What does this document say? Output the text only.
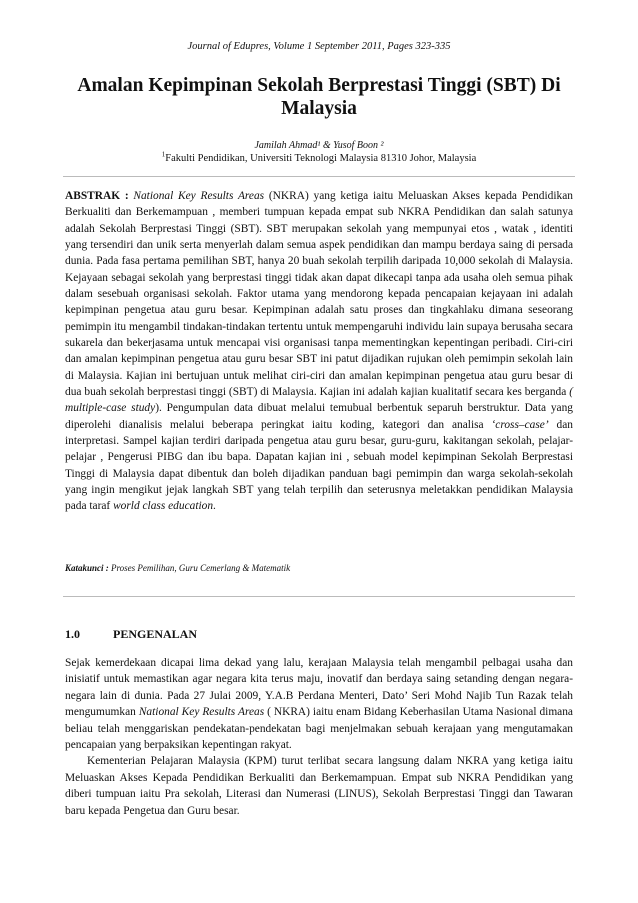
Journal of Edupres, Volume 1 September 2011, Pages 323-335
Amalan Kepimpinan Sekolah Berprestasi Tinggi (SBT) Di Malaysia
Jamilah Ahmad¹ & Yusof Boon ²
$^1$Fakulti Pendidikan, Universiti Teknologi Malaysia 81310 Johor, Malaysia
ABSTRAK : National Key Results Areas (NKRA) yang ketiga iaitu Meluaskan Akses kepada Pendidikan Berkualiti dan Berkemampuan , memberi tumpuan kepada empat sub NKRA Pendidikan dan salah satunya adalah Sekolah Berprestasi Tinggi (SBT). SBT merupakan sekolah yang mempunyai etos , watak , identiti yang tersendiri dan unik serta menyerlah dalam semua aspek pendidikan dan mampu berdaya saing di persada dunia. Pada fasa pertama pemilihan SBT, hanya 20 buah sekolah terpilih daripada 10,000 sekolah di Malaysia. Kejayaan sebagai sekolah yang berprestasi tinggi tidak akan dapat dikecapi tanpa ada usaha oleh semua pihak dalam sesebuah organisasi sekolah. Faktor utama yang mendorong kepada pencapaian kejayaan ini adalah kepimpinan pengetua atau guru besar. Kepimpinan adalah satu proses dan tingkahlaku dimana seseorang pemimpin itu mengambil tindakan-tindakan tertentu untuk mempengaruhi individu lain supaya berusaha secara sukarela dan bekerjasama untuk mencapai visi organisasi tanpa mementingkan kepentingan peribadi. Ciri-ciri dan amalan kepimpinan pengetua atau guru besar SBT ini patut dijadikan rujukan oleh pemimpin sekolah lain di Malaysia. Kajian ini bertujuan untuk melihat ciri-ciri dan amalan kepimpinan pengetua atau guru besar di dua buah sekolah berprestasi tinggi (SBT) di Malaysia. Kajian ini adalah kajian kualitatif secara kes berganda ( multiple-case study). Pengumpulan data dibuat melalui temubual berbentuk separuh berstruktur. Data yang diperolehi dianalisis melalui beberapa peringkat iaitu koding, kategori dan analisa ‘cross–case’ dan interpretasi. Sampel kajian terdiri daripada pengetua atau guru besar, guru-guru, kakitangan sekolah, pelajar-pelajar , Pengerusi PIBG dan ibu bapa. Dapatan kajian ini , sebuah model kepimpinan Sekolah Berprestasi Tinggi di Malaysia dapat dibentuk dan boleh dijadikan panduan bagi pemimpin dan warga sekolah-sekolah yang ingin mengikut jejak langkah SBT yang telah terpilih dan seterusnya meletakkan pendidikan Malaysia pada taraf world class education.
Katakunci : Proses Pemilihan, Guru Cemerlang & Matematik
1.0	PENGENALAN

Sejak kemerdekaan dicapai lima dekad yang lalu, kerajaan Malaysia telah mengambil pelbagai usaha dan inisiatif untuk memastikan agar negara kita terus maju, inovatif dan berdaya saing setanding dengan negara-negara lain di dunia. Pada 27 Julai 2009, Y.A.B Perdana Menteri, Dato’ Seri Mohd Najib Tun Razak telah mengumumkan National Key Results Areas ( NKRA) iaitu enam Bidang Keberhasilan Utama Nasional dimana beliau telah menggariskan pendekatan-pendekatan bagi menjelmakan sebuah kerajaan yang mengutamakan pencapaian yang berpaksikan kepentingan rakyat.

Kementerian Pelajaran Malaysia (KPM) turut terlibat secara langsung dalam NKRA yang ketiga iaitu Meluaskan Akses Kepada Pendidikan Berkualiti dan Berkemampuan. Empat sub NKRA Pendidikan yang diberi tumpuan iaitu Pra sekolah, Literasi dan Numerasi (LINUS), Sekolah Berprestasi Tinggi dan Tawaran baru kepada Pengetua dan Guru besar.
